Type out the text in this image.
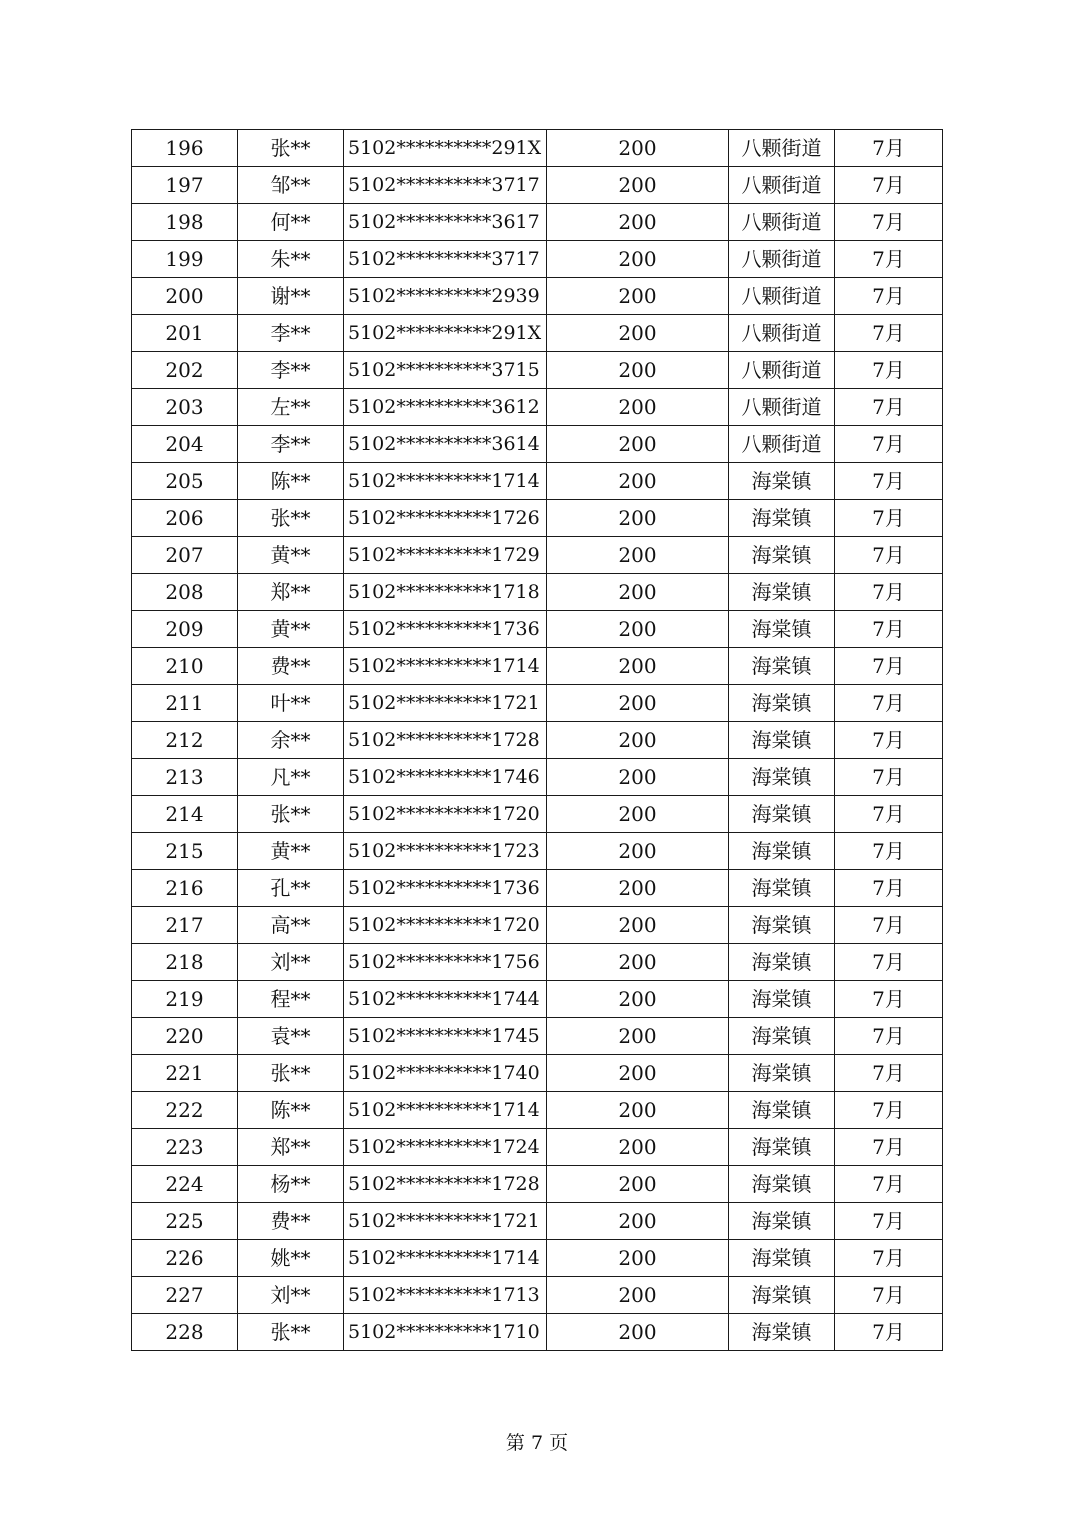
196	张**	5102**********291X	200	八颗街道	7月
197	邹**	5102**********3717	200	八颗街道	7月
198	何**	5102**********3617	200	八颗街道	7月
199	朱**	5102**********3717	200	八颗街道	7月
200	谢**	5102**********2939	200	八颗街道	7月
201	李**	5102**********291X	200	八颗街道	7月
202	李**	5102**********3715	200	八颗街道	7月
203	左**	5102**********3612	200	八颗街道	7月
204	李**	5102**********3614	200	八颗街道	7月
205	陈**	5102**********1714	200	海棠镇	7月
206	张**	5102**********1726	200	海棠镇	7月
207	黄**	5102**********1729	200	海棠镇	7月
208	郑**	5102**********1718	200	海棠镇	7月
209	黄**	5102**********1736	200	海棠镇	7月
210	费**	5102**********1714	200	海棠镇	7月
211	叶**	5102**********1721	200	海棠镇	7月
212	余**	5102**********1728	200	海棠镇	7月
213	凡**	5102**********1746	200	海棠镇	7月
214	张**	5102**********1720	200	海棠镇	7月
215	黄**	5102**********1723	200	海棠镇	7月
216	孔**	5102**********1736	200	海棠镇	7月
217	高**	5102**********1720	200	海棠镇	7月
218	刘**	5102**********1756	200	海棠镇	7月
219	程**	5102**********1744	200	海棠镇	7月
220	袁**	5102**********1745	200	海棠镇	7月
221	张**	5102**********1740	200	海棠镇	7月
222	陈**	5102**********1714	200	海棠镇	7月
223	郑**	5102**********1724	200	海棠镇	7月
224	杨**	5102**********1728	200	海棠镇	7月
225	费**	5102**********1721	200	海棠镇	7月
226	姚**	5102**********1714	200	海棠镇	7月
227	刘**	5102**********1713	200	海棠镇	7月
228	张**	5102**********1710	200	海棠镇	7月
第 7 页
